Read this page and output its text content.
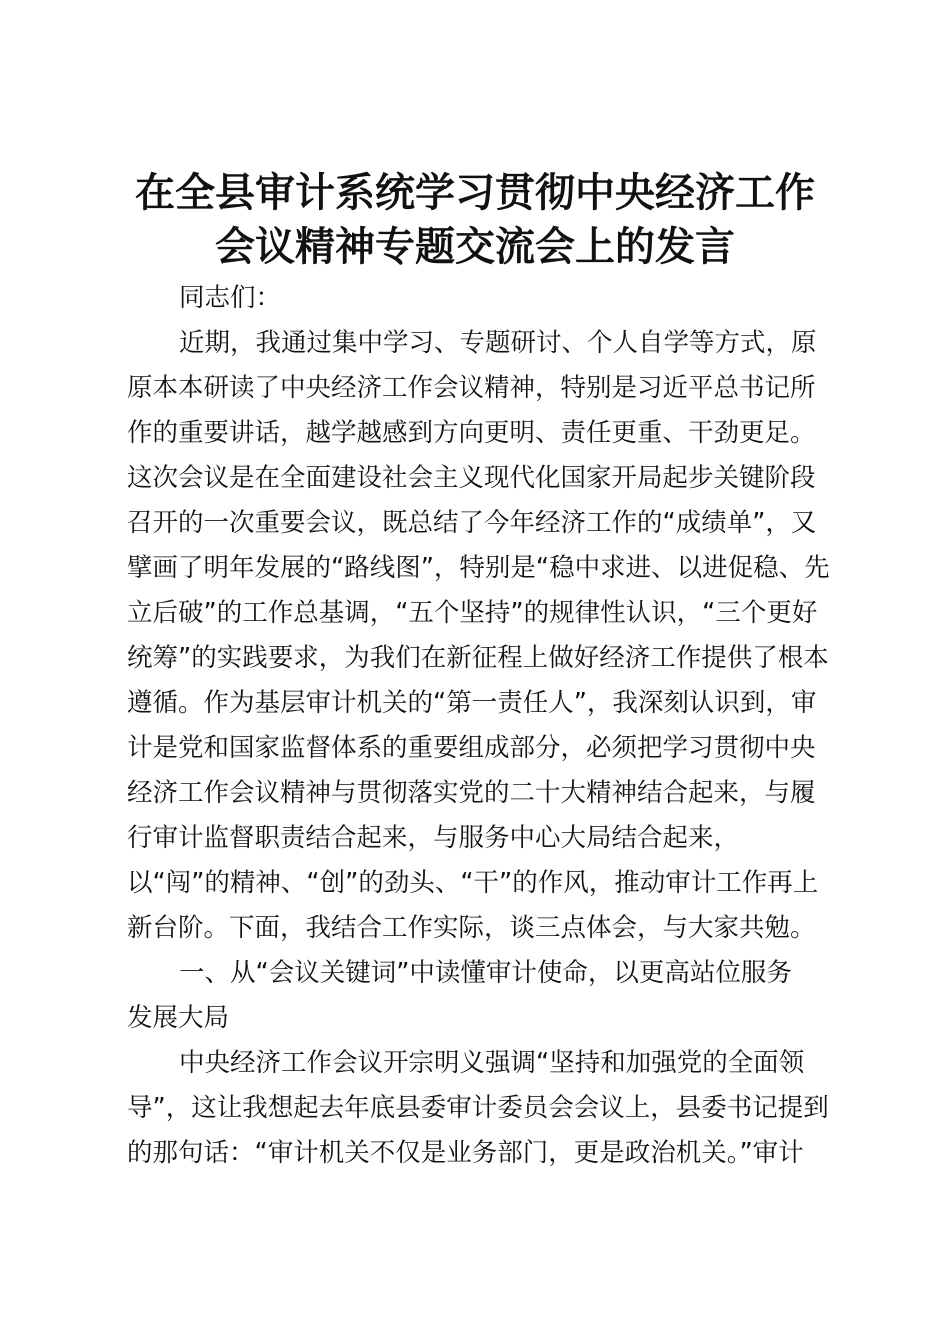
在全县审计系统学习贯彻中央经济工作
会议精神专题交流会上的发言
同志们：
近期，我通过集中学习、专题研讨、个人自学等方式，原
原本本研读了中央经济工作会议精神，特别是习近平总书记所
作的重要讲话，越学越感到方向更明、责任更重、干劲更足。
这次会议是在全面建设社会主义现代化国家开局起步关键阶段
召开的一次重要会议，既总结了今年经济工作的“成绩单”，又
擘画了明年发展的“路线图”，特别是“稳中求进、以进促稳、先
立后破”的工作总基调，“五个坚持”的规律性认识，“三个更好
统筹”的实践要求，为我们在新征程上做好经济工作提供了根本
遵循。作为基层审计机关的“第一责任人”，我深刻认识到，审
计是党和国家监督体系的重要组成部分，必须把学习贯彻中央
经济工作会议精神与贯彻落实党的二十大精神结合起来，与履
行审计监督职责结合起来，与服务中心大局结合起来，
以“闯”的精神、“创”的劲头、“干”的作风，推动审计工作再上
新台阶。下面，我结合工作实际，谈三点体会，与大家共勉。
一、从“会议关键词”中读懂审计使命，以更高站位服务
发展大局
中央经济工作会议开宗明义强调“坚持和加强党的全面领
导”，这让我想起去年底县委审计委员会会议上，县委书记提到
的那句话：“审计机关不仅是业务部门，更是政治机关。”审计
